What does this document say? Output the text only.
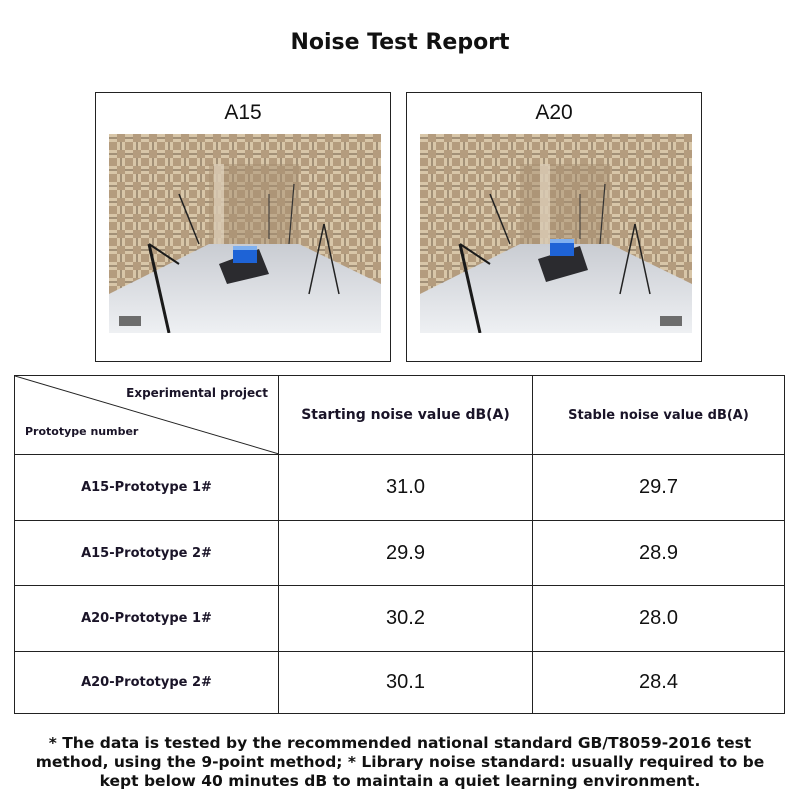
Noise Test Report
A15	A20
Experimental project
Prototype number	Starting noise value dB(A)	Stable noise value dB(A)
A15-Prototype 1#	31.0	29.7
A15-Prototype 2#	29.9	28.9
A20-Prototype 1#	30.2	28.0
A20-Prototype 2#	30.1	28.4
* The data is tested by the recommended national standard GB/T8059-2016 test method, using the 9-point method; * Library noise standard: usually required to be kept below 40 minutes dB to maintain a quiet learning environment.
